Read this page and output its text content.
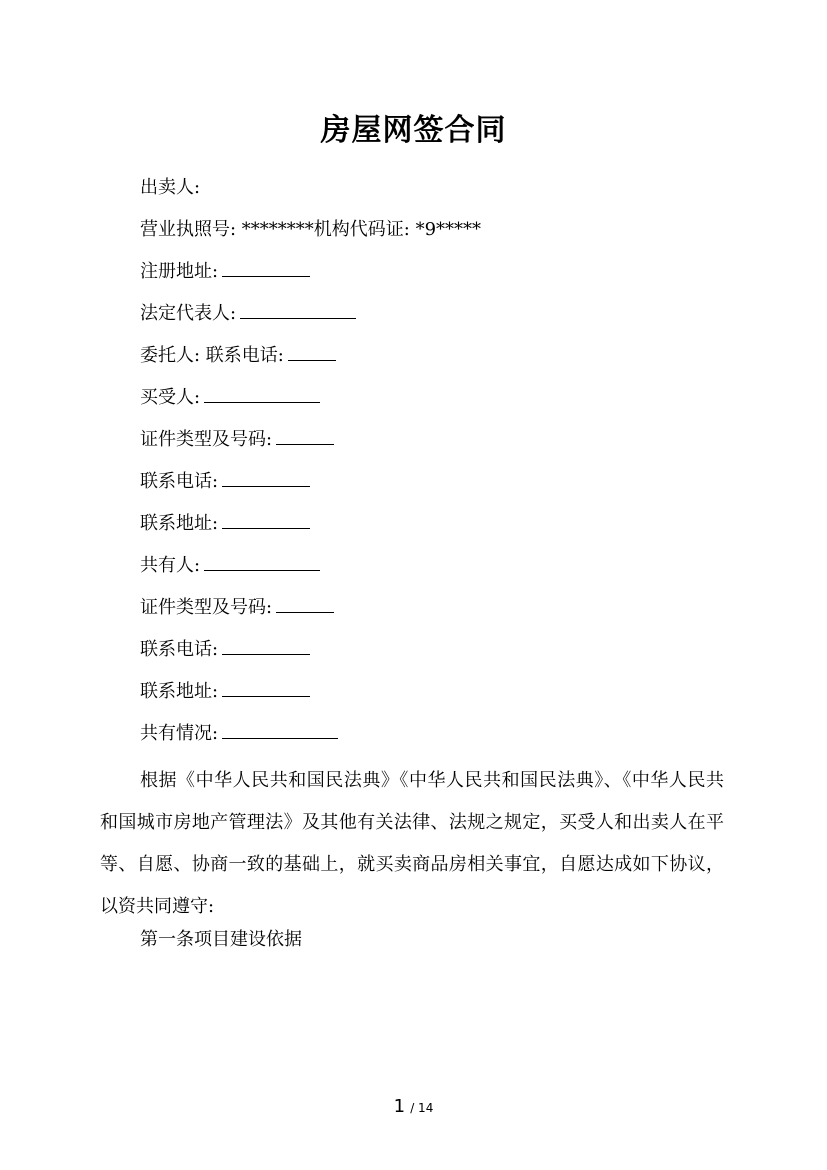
房屋网签合同
出卖人:
营业执照号: ********机构代码证: *9*****
注册地址:
法定代表人:
委托人: 联系电话:
买受人:
证件类型及号码:
联系电话:
联系地址:
共有人:
证件类型及号码:
联系电话:
联系地址:
共有情况:
根据《中华人民共和国民法典》《中华人民共和国民法典》、《中华人民共和国城市房地产管理法》及其他有关法律、法规之规定，买受人和出卖人在平等、自愿、协商一致的基础上，就买卖商品房相关事宜，自愿达成如下协议，以资共同遵守:
第一条项目建设依据
1 / 14
